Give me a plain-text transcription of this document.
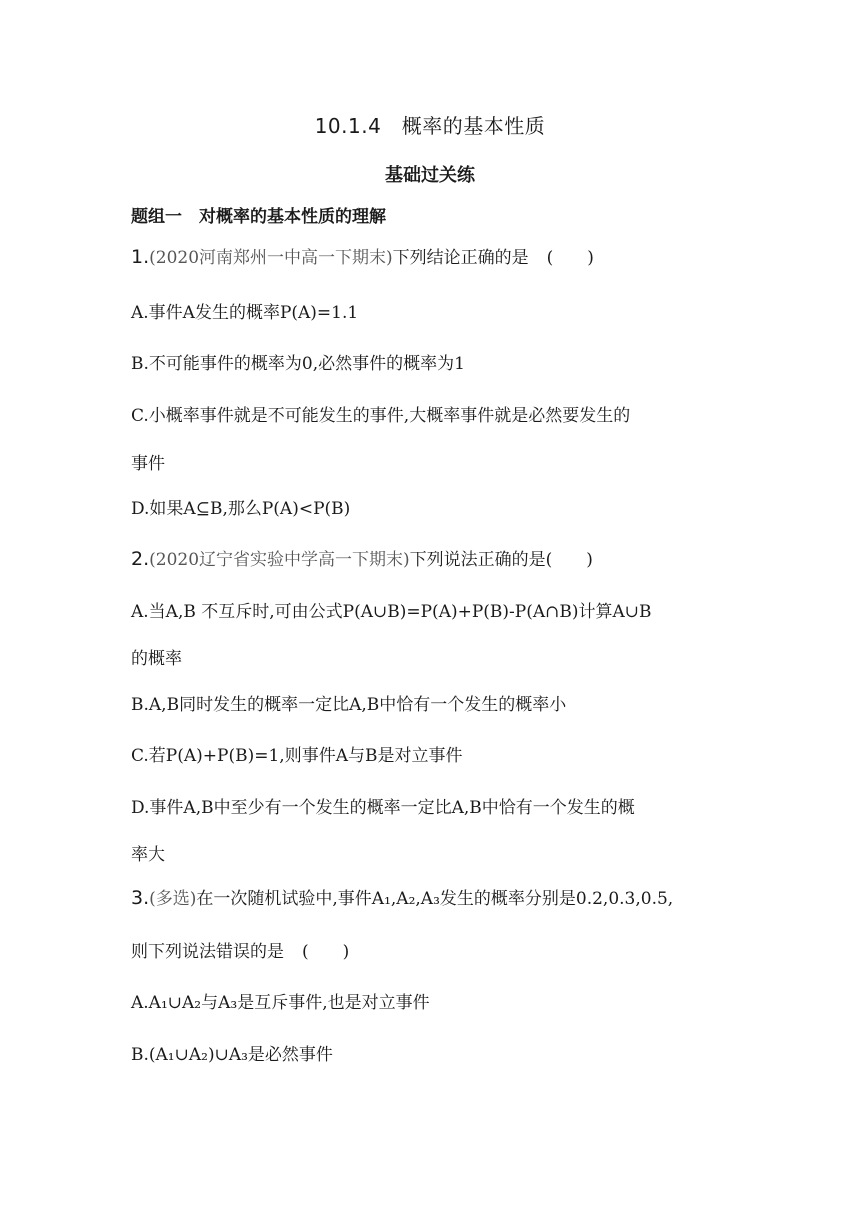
10.1.4　概率的基本性质
基础过关练
题组一　对概率的基本性质的理解
1.(2020河南郑州一中高一下期末)下列结论正确的是 (　　)
A.事件A发生的概率P(A)=1.1
B.不可能事件的概率为0,必然事件的概率为1
C.小概率事件就是不可能发生的事件,大概率事件就是必然要发生的
事件
D.如果A⊆B,那么P(A)<P(B)
2.(2020辽宁省实验中学高一下期末)下列说法正确的是(　　)
A.当A,B 不互斥时,可由公式P(A∪B)=P(A)+P(B)-P(A∩B)计算A∪B
的概率
B.A,B同时发生的概率一定比A,B中恰有一个发生的概率小
C.若P(A)+P(B)=1,则事件A与B是对立事件
D.事件A,B中至少有一个发生的概率一定比A,B中恰有一个发生的概
率大
3.(多选)在一次随机试验中,事件A₁,A₂,A₃发生的概率分别是0.2,0.3,0.5,
则下列说法错误的是 (　　)
A.A₁∪A₂与A₃是互斥事件,也是对立事件
B.(A₁∪A₂)∪A₃是必然事件
